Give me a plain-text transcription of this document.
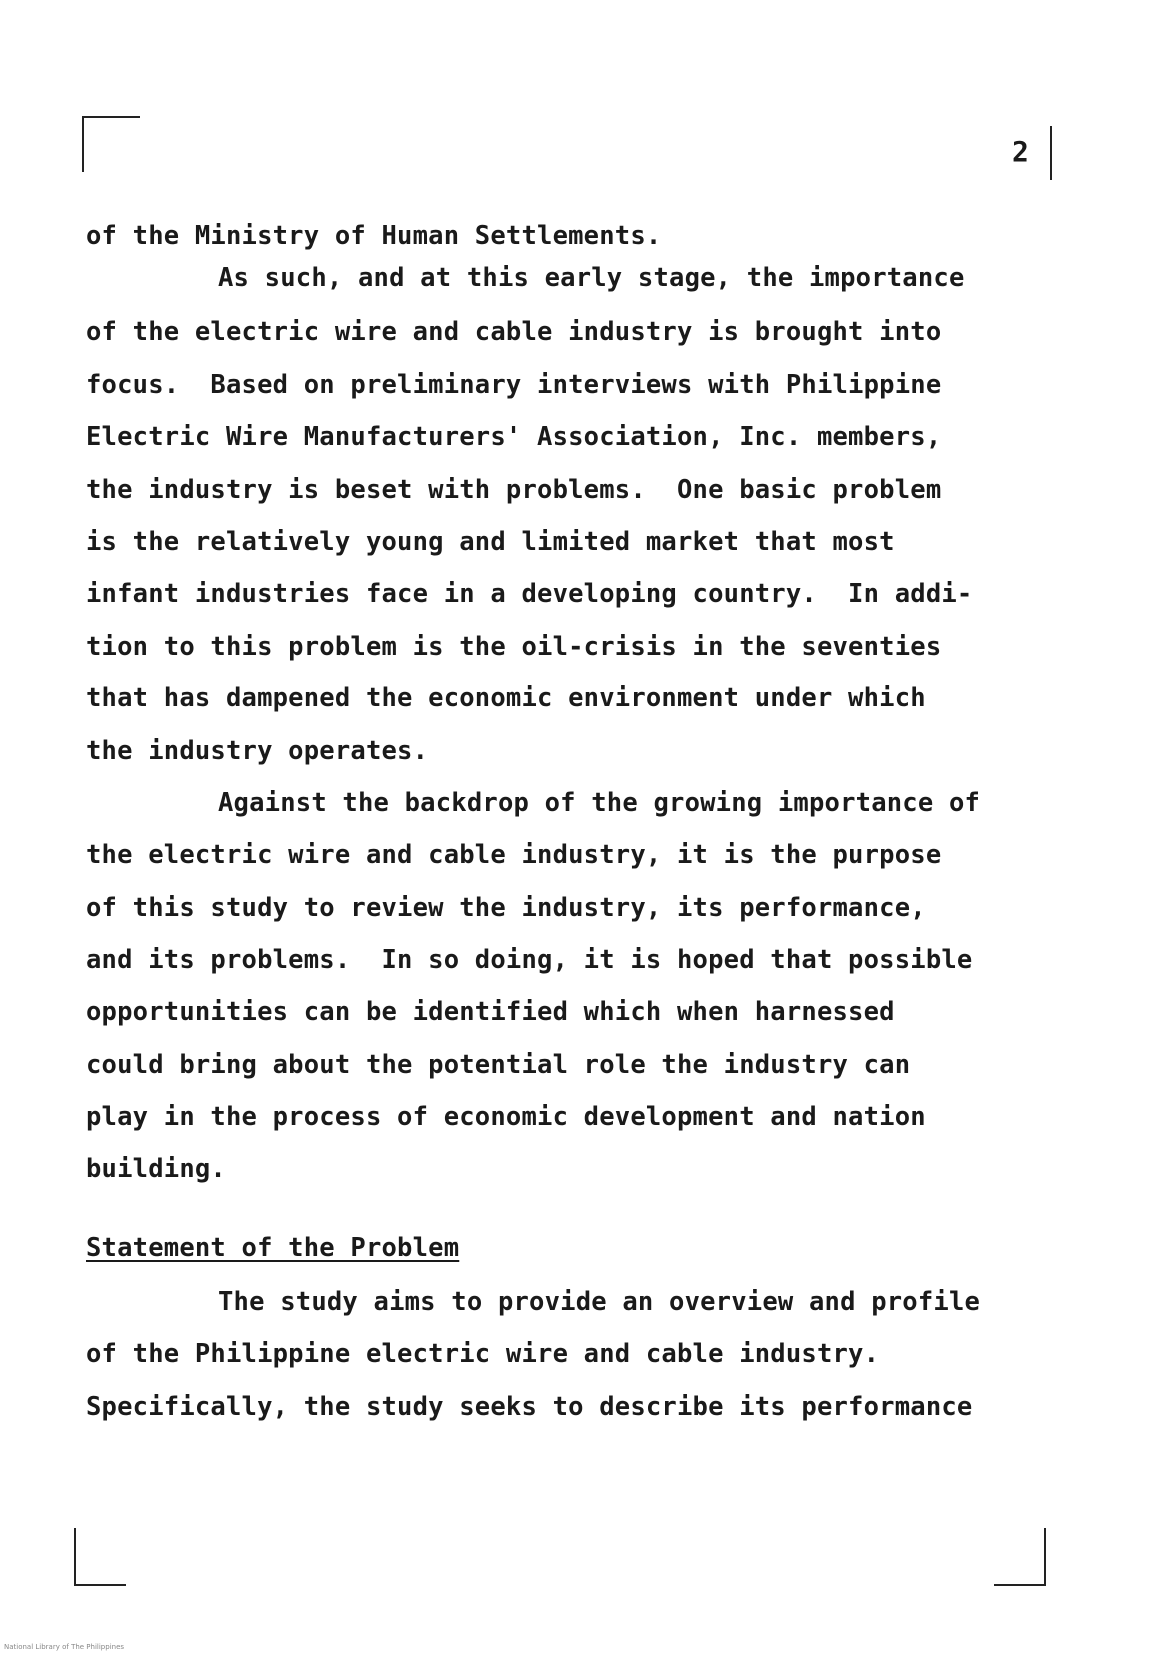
2
of the Ministry of Human Settlements.
As such, and at this early stage, the importance
of the electric wire and cable industry is brought into
focus.  Based on preliminary interviews with Philippine
Electric Wire Manufacturers' Association, Inc. members,
the industry is beset with problems.  One basic problem
is the relatively young and limited market that most
infant industries face in a developing country.  In addi-
tion to this problem is the oil-crisis in the seventies
that has dampened the economic environment under which
the industry operates.
Against the backdrop of the growing importance of
the electric wire and cable industry, it is the purpose
of this study to review the industry, its performance,
and its problems.  In so doing, it is hoped that possible
opportunities can be identified which when harnessed
could bring about the potential role the industry can
play in the process of economic development and nation
building.
Statement of the Problem
The study aims to provide an overview and profile
of the Philippine electric wire and cable industry.
Specifically, the study seeks to describe its performance
National Library of The Philippines
